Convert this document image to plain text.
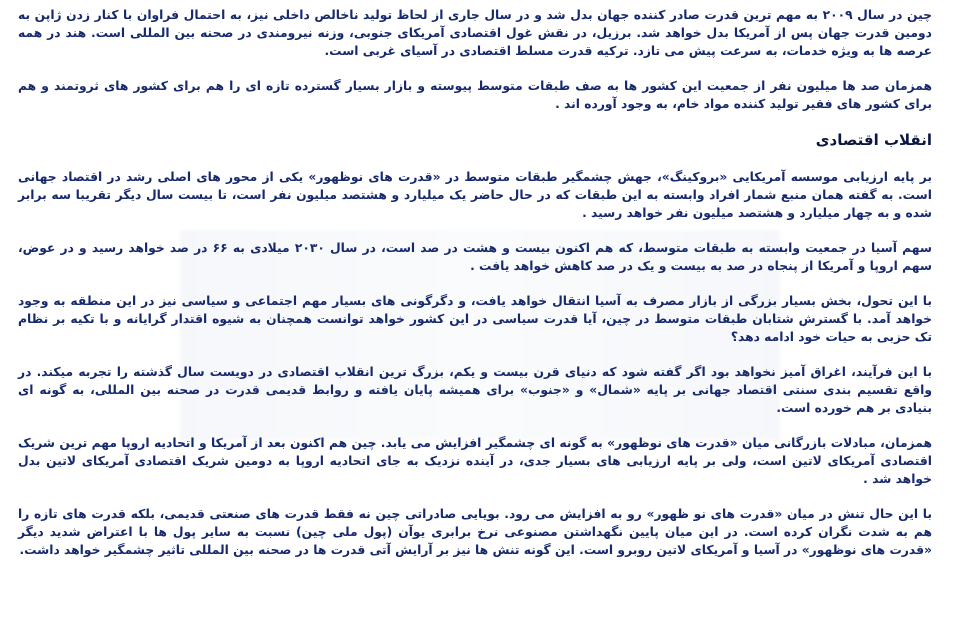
چین در سال ۲۰۰۹ به مهم ترین قدرت صادر کننده جهان بدل شد و در سال جاری از لحاظ تولید ناخالص داخلی نیز، به احتمال فراوان با کنار زدن ژاپن به دومین قدرت جهان پس از آمریکا بدل خواهد شد. برزیل، در نقش غول اقتصادی آمریکای جنوبی، وزنه نیرومندی در صحنه بین المللی است. هند در همه عرصه ها به ویژه خدمات، به سرعت پیش می تازد. ترکیه قدرت مسلط اقتصادی در آسیای غربی است.

همزمان صد ها میلیون نفر از جمعیت این کشور ها به صف طبقات متوسط پیوسته و بازار بسیار گسترده تازه ای را هم برای کشور های ثروتمند و هم برای کشور های فقیر تولید کننده مواد خام، به وجود آورده اند .

انقلاب اقتصادی

بر پایه ارزیابی موسسه آمریکایی «بروکینگ»، جهش چشمگیر طبقات متوسط در «قدرت های نوظهور» یکی از محور های اصلی رشد در اقتصاد جهانی است. به گفته همان منبع شمار افراد وابسته به این طبقات که در حال حاضر یک میلیارد و هشتصد میلیون نفر است، تا بیست سال دیگر تقریبا سه برابر شده و به چهار میلیارد و هشتصد میلیون نفر خواهد رسید .

سهم آسیا در جمعیت وابسته به طبقات متوسط، که هم اکنون بیست و هشت در صد است، در سال ۲۰۳۰ میلادی به ۶۶ در صد خواهد رسید و در عوض، سهم اروپا و آمریکا از پنجاه در صد به بیست و یک در صد کاهش خواهد یافت .

با این تحول، بخش بسیار بزرگی از بازار مصرف به آسیا انتقال خواهد یافت، و دگرگونی های بسیار مهم اجتماعی و سیاسی نیز در این منطقه به وجود خواهد آمد. با گسترش شتابان طبقات متوسط در چین، آیا قدرت سیاسی در این کشور خواهد توانست همچنان به شیوه اقتدار گرایانه و با تکیه بر نظام تک حزبی به حیات خود ادامه دهد؟

با این فرآیند، اغراق آمیز نخواهد بود اگر گفته شود که دنیای قرن بیست و یکم، بزرگ ترین انقلاب اقتصادی در دویست سال گذشته را تجربه میکند. در واقع تقسیم بندی سنتی اقتصاد جهانی بر پایه «شمال» و «جنوب» برای همیشه پایان یافته و روابط قدیمی قدرت در صحنه بین المللی، به گونه ای بنیادی بر هم خورده است.

همزمان، مبادلات بازرگانی میان «قدرت های نوظهور» به گونه ای چشمگیر افزایش می یابد. چین هم اکنون بعد از آمریکا و اتحادیه اروپا مهم ترین شریک اقتصادی آمریکای لاتین است، ولی بر پایه ارزیابی های بسیار جدی، در آینده نزدیک به جای اتحادیه اروپا به دومین شریک اقتصادی آمریکای لاتین بدل خواهد شد .

با این حال تنش در میان «قدرت های نو ظهور» رو به افزایش می رود. بویایی صادراتی چین نه فقط قدرت های صنعتی قدیمی، بلکه قدرت های تازه را هم به شدت نگران کرده است. در این میان پایین نگهداشتن مصنوعی نرخ برابری یوآن (پول ملی چین) نسبت به سایر پول ها با اعتراض شدید دیگر «قدرت های نوظهور» در آسیا و آمریکای لاتین روبرو است. این گونه تنش ها نیز بر آرایش آتی قدرت ها در صحنه بین المللی تاثیر چشمگیر خواهد داشت.
